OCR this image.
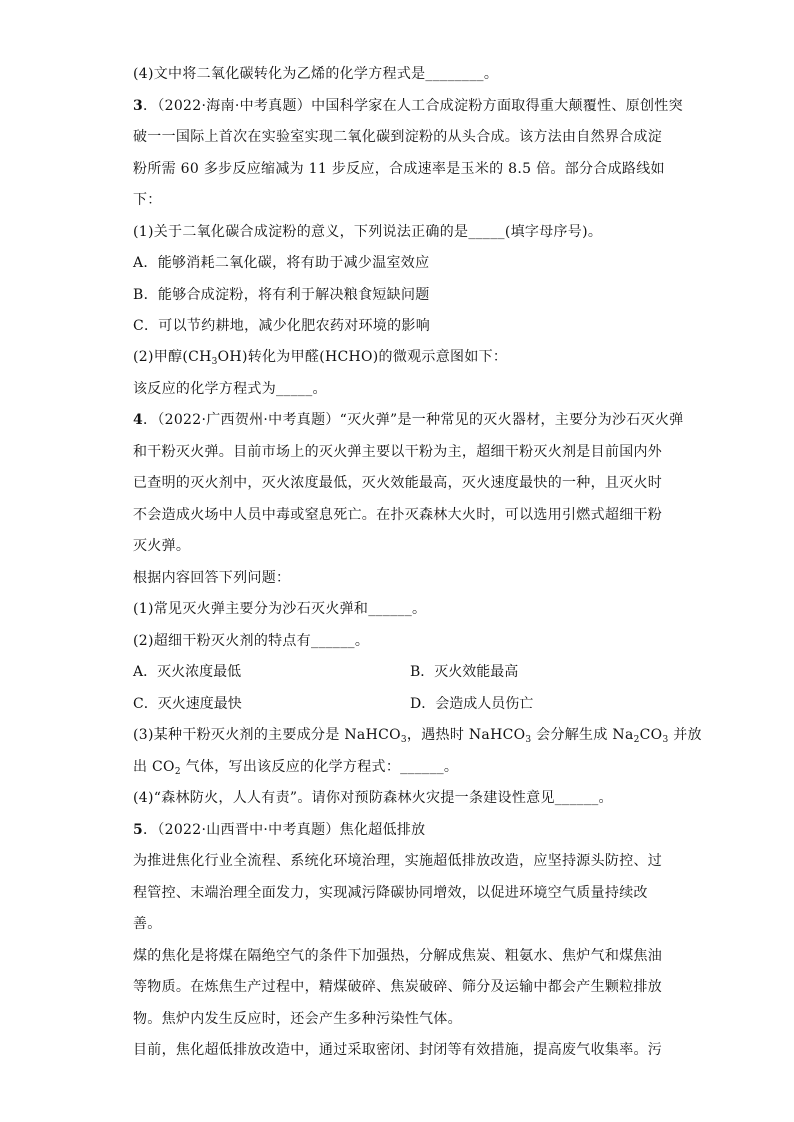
(4)文中将二氧化碳转化为乙烯的化学方程式是________。
3．（2022·海南·中考真题）中国科学家在人工合成淀粉方面取得重大颠覆性、原创性突
破一一国际上首次在实验室实现二氧化碳到淀粉的从头合成。该方法由自然界合成淀
粉所需 60 多步反应缩减为 11 步反应，合成速率是玉米的 8.5 倍。部分合成路线如
下：
(1)关于二氧化碳合成淀粉的意义，下列说法正确的是_____(填字母序号)。
A．能够消耗二氧化碳，将有助于减少温室效应
B．能够合成淀粉，将有利于解决粮食短缺问题
C．可以节约耕地，减少化肥农药对环境的影响
(2)甲醇$(CH_3OH)$转化为甲醛(HCHO)的微观示意图如下：
该反应的化学方程式为_____。
4．（2022·广西贺州·中考真题）“灭火弹”是一种常见的灭火器材，主要分为沙石灭火弹
和干粉灭火弹。目前市场上的灭火弹主要以干粉为主，超细干粉灭火剂是目前国内外
已查明的灭火剂中，灭火浓度最低，灭火效能最高，灭火速度最快的一种，且灭火时
不会造成火场中人员中毒或窒息死亡。在扑灭森林大火时，可以选用引燃式超细干粉
灭火弹。
根据内容回答下列问题：
(1)常见灭火弹主要分为沙石灭火弹和______。
(2)超细干粉灭火剂的特点有______。
A．灭火浓度最低	B．灭火效能最高
C．灭火速度最快	D．会造成人员伤亡
(3)某种干粉灭火剂的主要成分是 NaHCO$_3$，遇热时 NaHCO$_3$ 会分解生成 $Na_2CO_3$ 并放
出 $CO_2$ 气体，写出该反应的化学方程式：______。
(4)“森林防火，人人有责”。请你对预防森林火灾提一条建设性意见______。
5．（2022·山西晋中·中考真题）焦化超低排放
为推进焦化行业全流程、系统化环境治理，实施超低排放改造，应坚持源头防控、过
程管控、末端治理全面发力，实现减污降碳协同增效，以促进环境空气质量持续改
善。
煤的焦化是将煤在隔绝空气的条件下加强热，分解成焦炭、粗氨水、焦炉气和煤焦油
等物质。在炼焦生产过程中，精煤破碎、焦炭破碎、筛分及运输中都会产生颗粒排放
物。焦炉内发生反应时，还会产生多种污染性气体。
目前，焦化超低排放改造中，通过采取密闭、封闭等有效措施，提高废气收集率。污
